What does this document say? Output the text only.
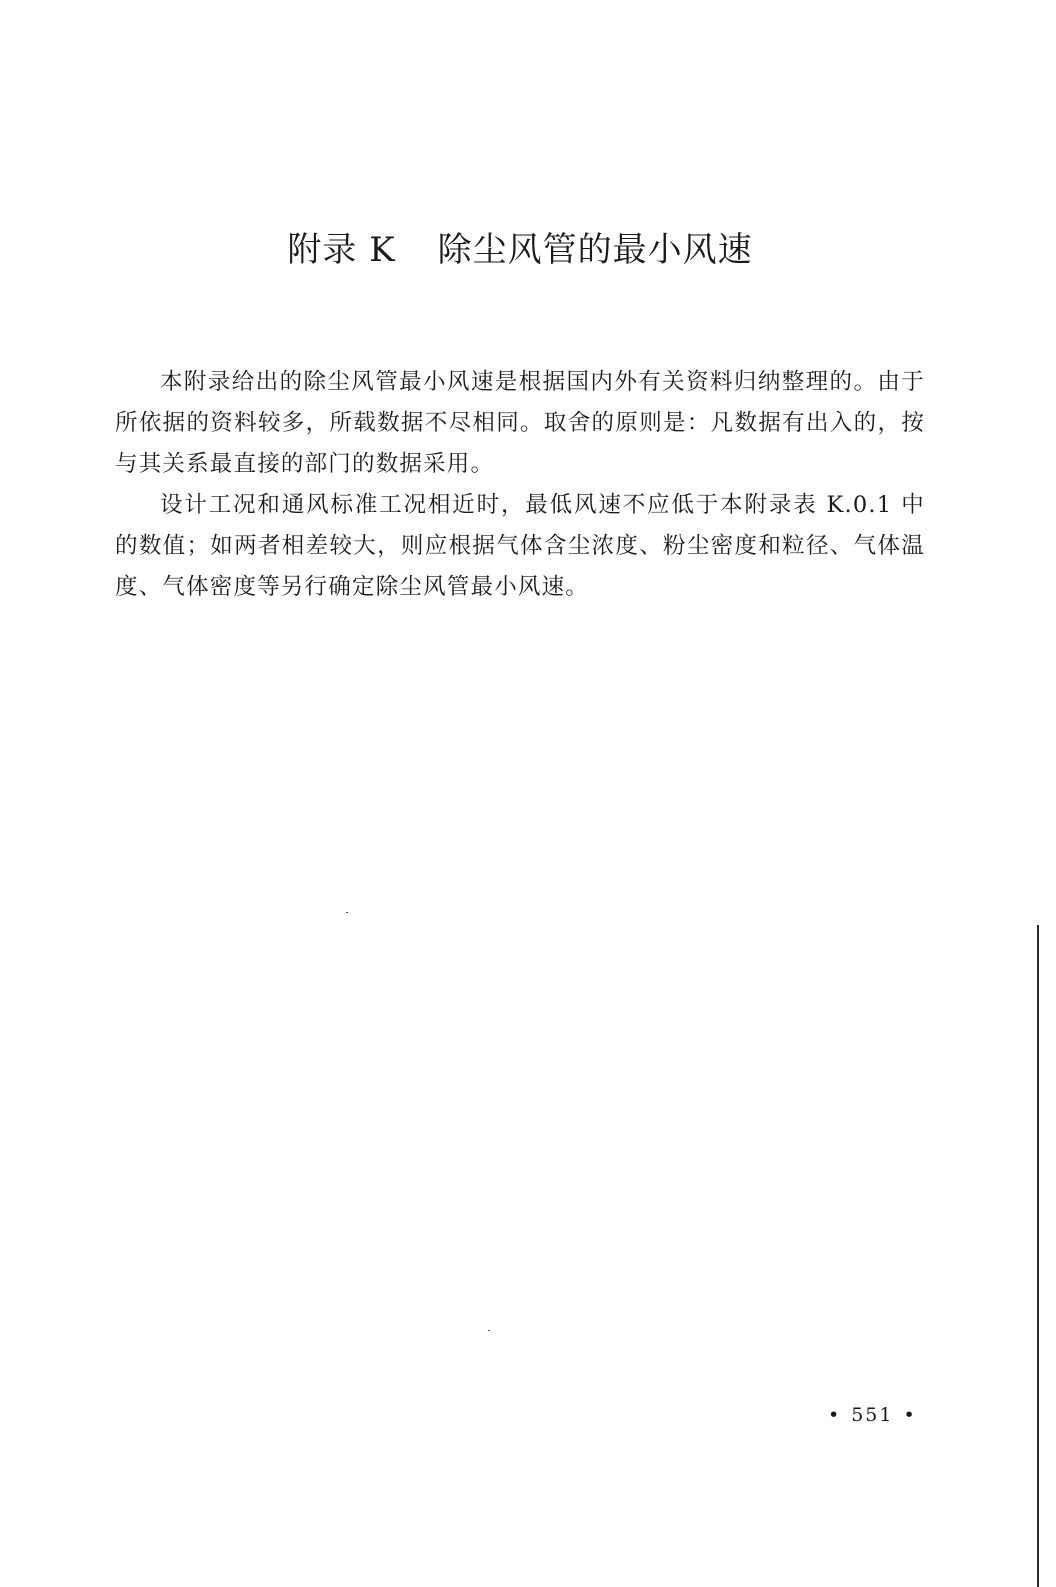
附录 K 除尘风管的最小风速

本附录给出的除尘风管最小风速是根据国内外有关资料归纳整理的。由于所依据的资料较多，所载数据不尽相同。取舍的原则是：凡数据有出入的，按与其关系最直接的部门的数据采用。

设计工况和通风标准工况相近时，最低风速不应低于本附录表 K.0.1 中的数值；如两者相差较大，则应根据气体含尘浓度、粉尘密度和粒径、气体温度、气体密度等另行确定除尘风管最小风速。

• 551 •
